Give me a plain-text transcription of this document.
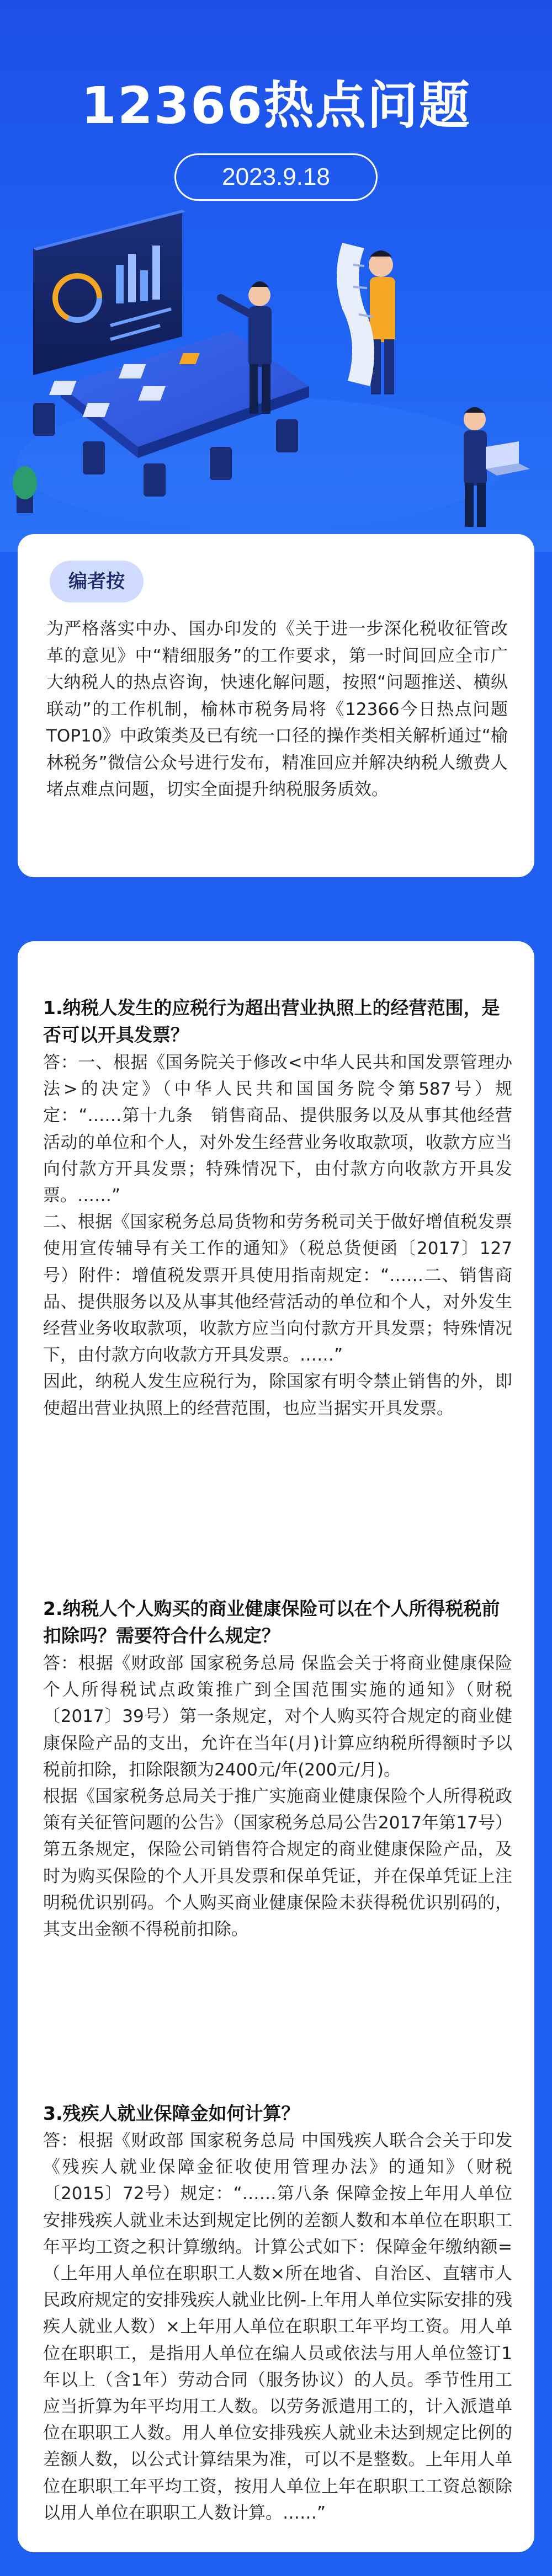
12366热点问题
2023.9.18
编者按
为严格落实中办、国办印发的《关于进一步深化税收征管改革的意见》中“精细服务”的工作要求，第一时间回应全市广大纳税人的热点咨询，快速化解问题，按照“问题推送、横纵联动”的工作机制，榆林市税务局将《12366今日热点问题TOP10》中政策类及已有统一口径的操作类相关解析通过“榆林税务”微信公众号进行发布，精准回应并解决纳税人缴费人堵点难点问题，切实全面提升纳税服务质效。
1.纳税人发生的应税行为超出营业执照上的经营范围，是否可以开具发票？

答：一、根据《国务院关于修改<中华人民共和国发票管理办法>的决定》（中华人民共和国国务院令第587号）规定：“……第十九条　销售商品、提供服务以及从事其他经营活动的单位和个人，对外发生经营业务收取款项，收款方应当向付款方开具发票；特殊情况下，由付款方向收款方开具发票。……”

二、根据《国家税务总局货物和劳务税司关于做好增值税发票使用宣传辅导有关工作的通知》（税总货便函〔2017〕127号）附件：增值税发票开具使用指南规定：“……二、销售商品、提供服务以及从事其他经营活动的单位和个人，对外发生经营业务收取款项，收款方应当向付款方开具发票；特殊情况下，由付款方向收款方开具发票。……”

因此，纳税人发生应税行为，除国家有明令禁止销售的外，即使超出营业执照上的经营范围，也应当据实开具发票。

2.纳税人个人购买的商业健康保险可以在个人所得税税前扣除吗？需要符合什么规定？

答：根据《财政部 国家税务总局 保监会关于将商业健康保险个人所得税试点政策推广到全国范围实施的通知》（财税〔2017〕39号）第一条规定，对个人购买符合规定的商业健康保险产品的支出，允许在当年(月)计算应纳税所得额时予以税前扣除，扣除限额为2400元/年(200元/月)。

根据《国家税务总局关于推广实施商业健康保险个人所得税政策有关征管问题的公告》（国家税务总局公告2017年第17号）第五条规定，保险公司销售符合规定的商业健康保险产品，及时为购买保险的个人开具发票和保单凭证，并在保单凭证上注明税优识别码。个人购买商业健康保险未获得税优识别码的，其支出金额不得税前扣除。

3.残疾人就业保障金如何计算？

答：根据《财政部 国家税务总局 中国残疾人联合会关于印发《残疾人就业保障金征收使用管理办法》的通知》（财税〔2015〕72号）规定：“……第八条 保障金按上年用人单位安排残疾人就业未达到规定比例的差额人数和本单位在职职工年平均工资之积计算缴纳。计算公式如下：保障金年缴纳额=（上年用人单位在职职工人数×所在地省、自治区、直辖市人民政府规定的安排残疾人就业比例-上年用人单位实际安排的残疾人就业人数）×上年用人单位在职职工年平均工资。用人单位在职职工，是指用人单位在编人员或依法与用人单位签订1年以上（含1年）劳动合同（服务协议）的人员。季节性用工应当折算为年平均用工人数。以劳务派遣用工的，计入派遣单位在职职工人数。用人单位安排残疾人就业未达到规定比例的差额人数，以公式计算结果为准，可以不是整数。上年用人单位在职职工年平均工资，按用人单位上年在职职工工资总额除以用人单位在职职工人数计算。……”
